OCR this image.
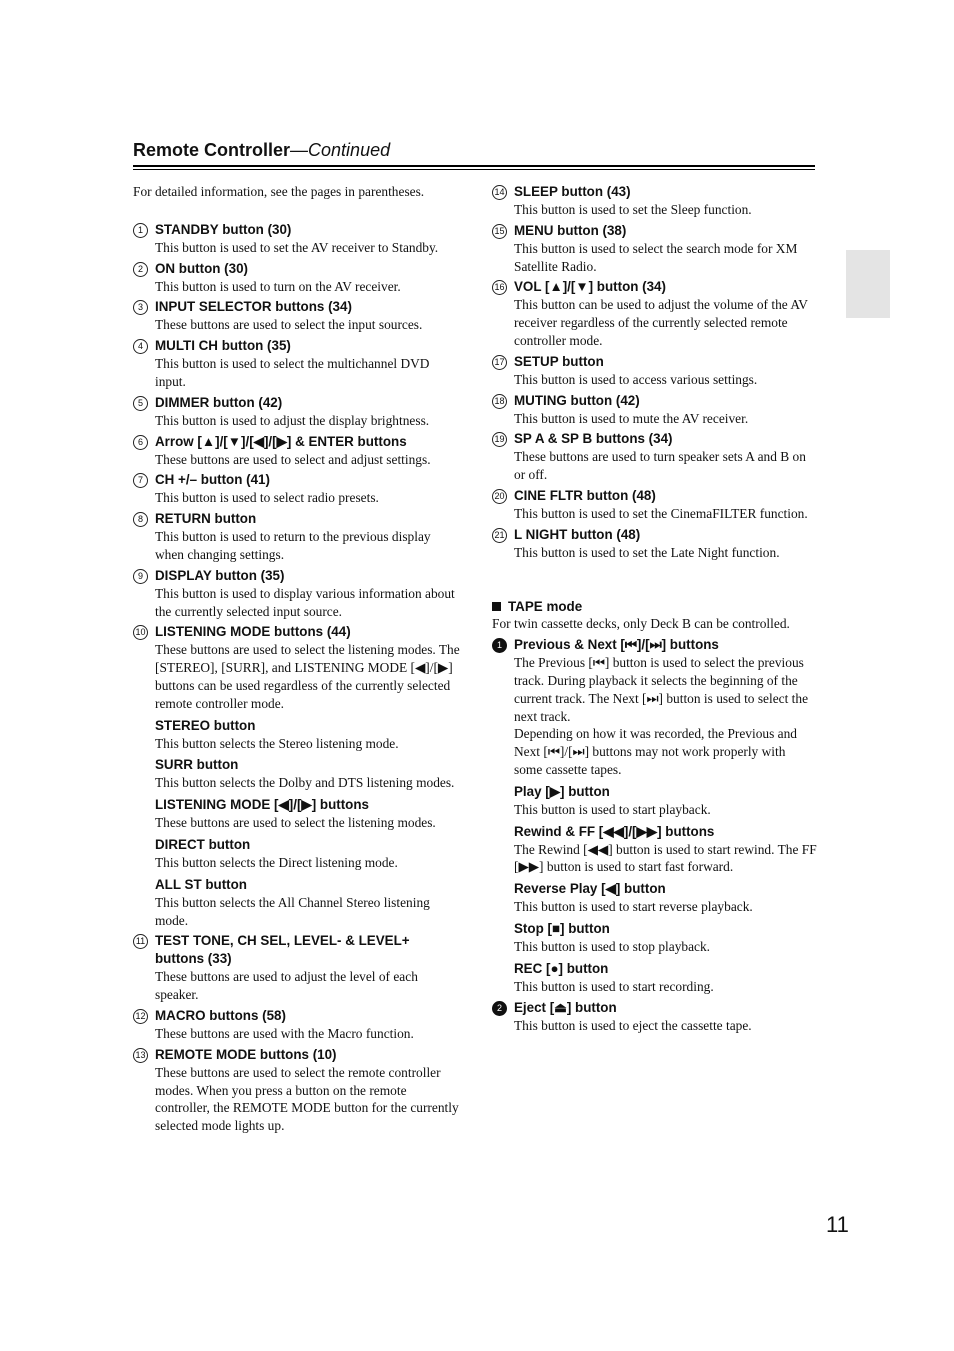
Remote Controller—Continued

For detailed information, see the pages in parentheses.

1 STANDBY button (30)

This button is used to set the AV receiver to Standby.

2 ON button (30)

This button is used to turn on the AV receiver.

3 INPUT SELECTOR buttons (34)

These buttons are used to select the input sources.

4 MULTI CH button (35)

This button is used to select the multichannel DVD input.

5 DIMMER button (42)

This button is used to adjust the display brightness.

6 Arrow [▲]/[▼]/[◀]/[▶] & ENTER buttons

These buttons are used to select and adjust settings.

7 CH +/– button (41)

This button is used to select radio presets.

8 RETURN button

This button is used to return to the previous display when changing settings.

9 DISPLAY button (35)

This button is used to display various information about the currently selected input source.

10 LISTENING MODE buttons (44)

These buttons are used to select the listening modes. The [STEREO], [SURR], and LISTENING MODE [◀]/[▶] buttons can be used regardless of the currently selected remote controller mode.

STEREO button

This button selects the Stereo listening mode.

SURR button

This button selects the Dolby and DTS listening modes.

LISTENING MODE [◀]/[▶] buttons

These buttons are used to select the listening modes.

DIRECT button

This button selects the Direct listening mode.

ALL ST button

This button selects the All Channel Stereo listening mode.

11 TEST TONE, CH SEL, LEVEL- & LEVEL+ buttons (33)

These buttons are used to adjust the level of each speaker.

12 MACRO buttons (58)

These buttons are used with the Macro function.

13 REMOTE MODE buttons (10)

These buttons are used to select the remote controller modes. When you press a button on the remote controller, the REMOTE MODE button for the currently selected mode lights up.

14 SLEEP button (43)

This button is used to set the Sleep function.

15 MENU button (38)

This button is used to select the search mode for XM Satellite Radio.

16 VOL [▲]/[▼] button (34)

This button can be used to adjust the volume of the AV receiver regardless of the currently selected remote controller mode.

17 SETUP button

This button is used to access various settings.

18 MUTING button (42)

This button is used to mute the AV receiver.

19 SP A & SP B buttons (34)

These buttons are used to turn speaker sets A and B on or off.

20 CINE FLTR button (48)

This button is used to set the CinemaFILTER function.

21 L NIGHT button (48)

This button is used to set the Late Night function.

TAPE mode
For twin cassette decks, only Deck B can be controlled.
1 Previous & Next [⏮]/[⏭] buttons

The Previous [⏮] button is used to select the previous track. During playback it selects the beginning of the current track. The Next [⏭] button is used to select the next track.

Depending on how it was recorded, the Previous and Next [⏮]/[⏭] buttons may not work properly with some cassette tapes.

Play [▶] button

This button is used to start playback.

Rewind & FF [◀◀]/[▶▶] buttons

The Rewind [◀◀] button is used to start rewind. The FF [▶▶] button is used to start fast forward.

Reverse Play [◀] button

This button is used to start reverse playback.

Stop [■] button

This button is used to stop playback.

REC [●] button

This button is used to start recording.

2 Eject [⏏] button

This button is used to eject the cassette tape.

11
